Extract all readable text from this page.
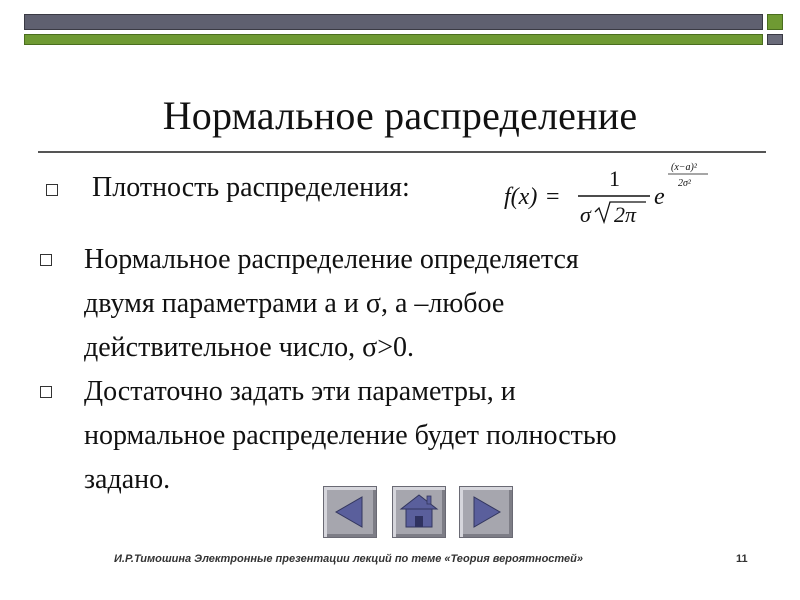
Нормальное распределение
Плотность распределения:	f(x) =
1
σ 2π
e
(x−a)²
2σ²
Нормальное распределение определяется
двумя параметрами a и σ, a –любое
действительное число, σ>0.
Достаточно задать эти параметры, и
нормальное распределение будет полностью
задано.
И.Р.Тимошина Электронные презентации лекций по теме «Теория вероятностей»	11
